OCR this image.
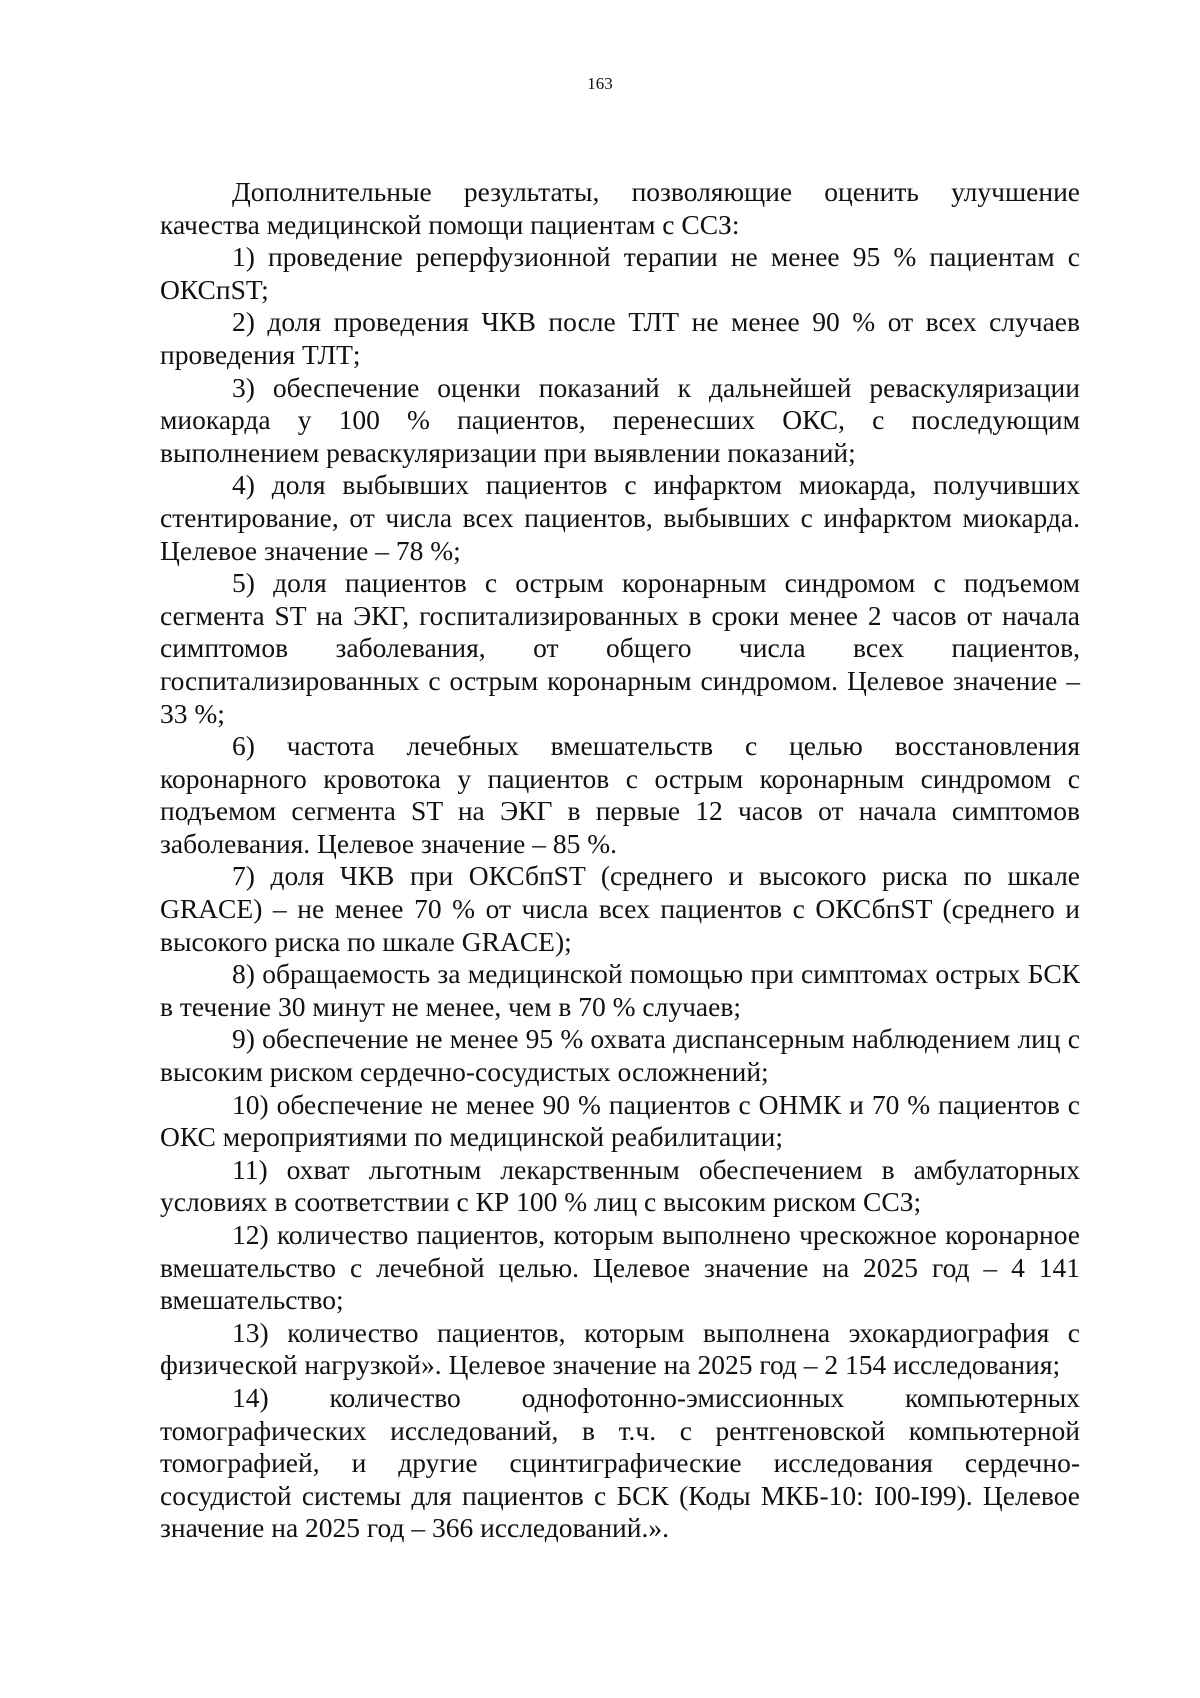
163

Дополнительные результаты, позволяющие оценить улучшение качества медицинской помощи пациентам с ССЗ:

1) проведение реперфузионной терапии не менее 95 % пациентам с ОКСпST;

2) доля проведения ЧКВ после ТЛТ не менее 90 % от всех случаев проведения ТЛТ;

3) обеспечение оценки показаний к дальнейшей реваскуляризации миокарда у 100 % пациентов, перенесших ОКС, с последующим выполнением реваскуляризации при выявлении показаний;

4) доля выбывших пациентов с инфарктом миокарда, получивших стентирование, от числа всех пациентов, выбывших с инфарктом миокарда. Целевое значение – 78 %;

5) доля пациентов с острым коронарным синдромом с подъемом сегмента ST на ЭКГ, госпитализированных в сроки менее 2 часов от начала симптомов заболевания, от общего числа всех пациентов, госпитализированных с острым коронарным синдромом. Целевое значение – 33 %;

6) частота лечебных вмешательств с целью восстановления коронарного кровотока у пациентов с острым коронарным синдромом с подъемом сегмента ST на ЭКГ в первые 12 часов от начала симптомов заболевания. Целевое значение – 85 %.

7) доля ЧКВ при ОКСбпST (среднего и высокого риска по шкале GRACE) – не менее 70 % от числа всех пациентов с ОКСбпST (среднего и высокого риска по шкале GRACE);

8) обращаемость за медицинской помощью при симптомах острых БСК в течение 30 минут не менее, чем в 70 % случаев;

9) обеспечение не менее 95 % охвата диспансерным наблюдением лиц с высоким риском сердечно-сосудистых осложнений;

10) обеспечение не менее 90 % пациентов с ОНМК и 70 % пациентов с ОКС мероприятиями по медицинской реабилитации;

11) охват льготным лекарственным обеспечением в амбулаторных условиях в соответствии с КР 100 % лиц с высоким риском ССЗ;

12) количество пациентов, которым выполнено чрескожное коронарное вмешательство с лечебной целью. Целевое значение на 2025 год – 4 141 вмешательство;

13) количество пациентов, которым выполнена эхокардиография с физической нагрузкой». Целевое значение на 2025 год – 2 154 исследования;

14) количество однофотонно-эмиссионных компьютерных томографических исследований, в т.ч. с рентгеновской компьютерной томографией, и другие сцинтиграфические исследования сердечно-сосудистой системы для пациентов с БСК (Коды МКБ-10: I00-I99). Целевое значение на 2025 год – 366 исследований.».
